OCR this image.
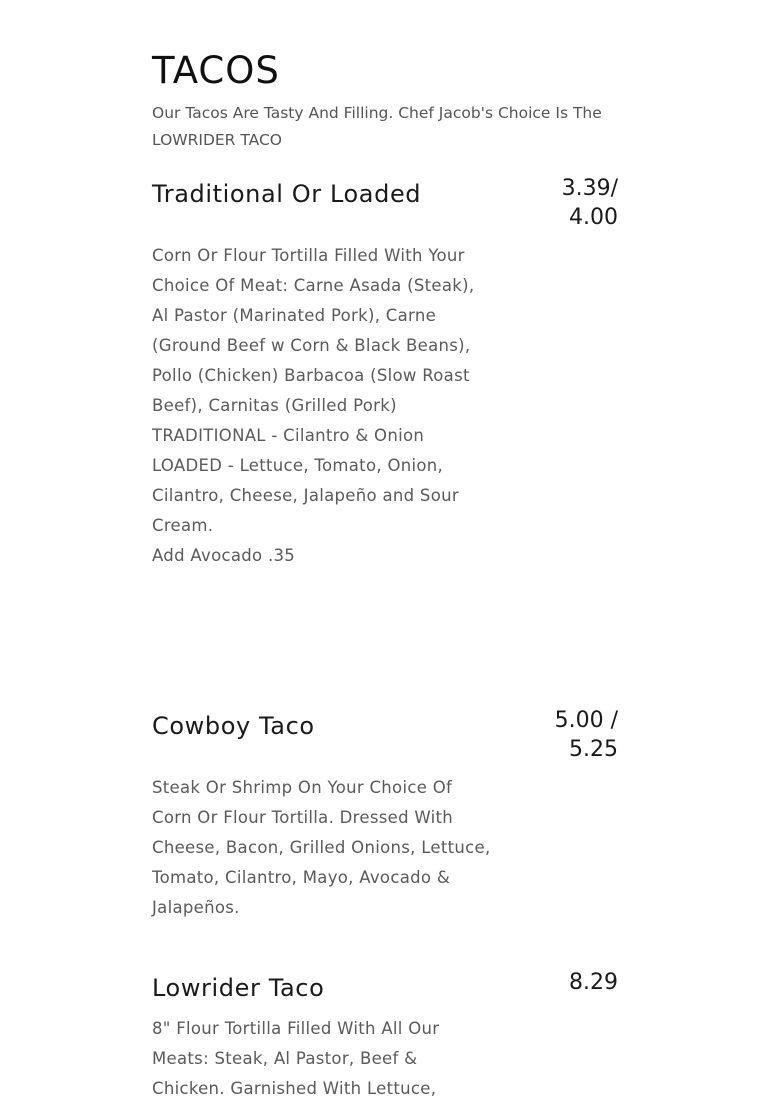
TACOS

Our Tacos Are Tasty And Filling. Chef Jacob's Choice Is The LOWRIDER TACO

Traditional Or Loaded	3.39/
4.00

Corn Or Flour Tortilla Filled With Your Choice Of Meat: Carne Asada (Steak), Al Pastor (Marinated Pork), Carne (Ground Beef w Corn & Black Beans), Pollo (Chicken) Barbacoa (Slow Roast Beef), Carnitas (Grilled Pork)
TRADITIONAL - Cilantro & Onion
LOADED - Lettuce, Tomato, Onion, Cilantro, Cheese, Jalapeño and Sour Cream.
Add Avocado .35

Cowboy Taco	5.00 /
5.25

Steak Or Shrimp On Your Choice Of Corn Or Flour Tortilla. Dressed With Cheese, Bacon, Grilled Onions, Lettuce, Tomato, Cilantro, Mayo, Avocado & Jalapeños.

Lowrider Taco	8.29

8" Flour Tortilla Filled With All Our Meats: Steak, Al Pastor, Beef & Chicken. Garnished With Lettuce,
